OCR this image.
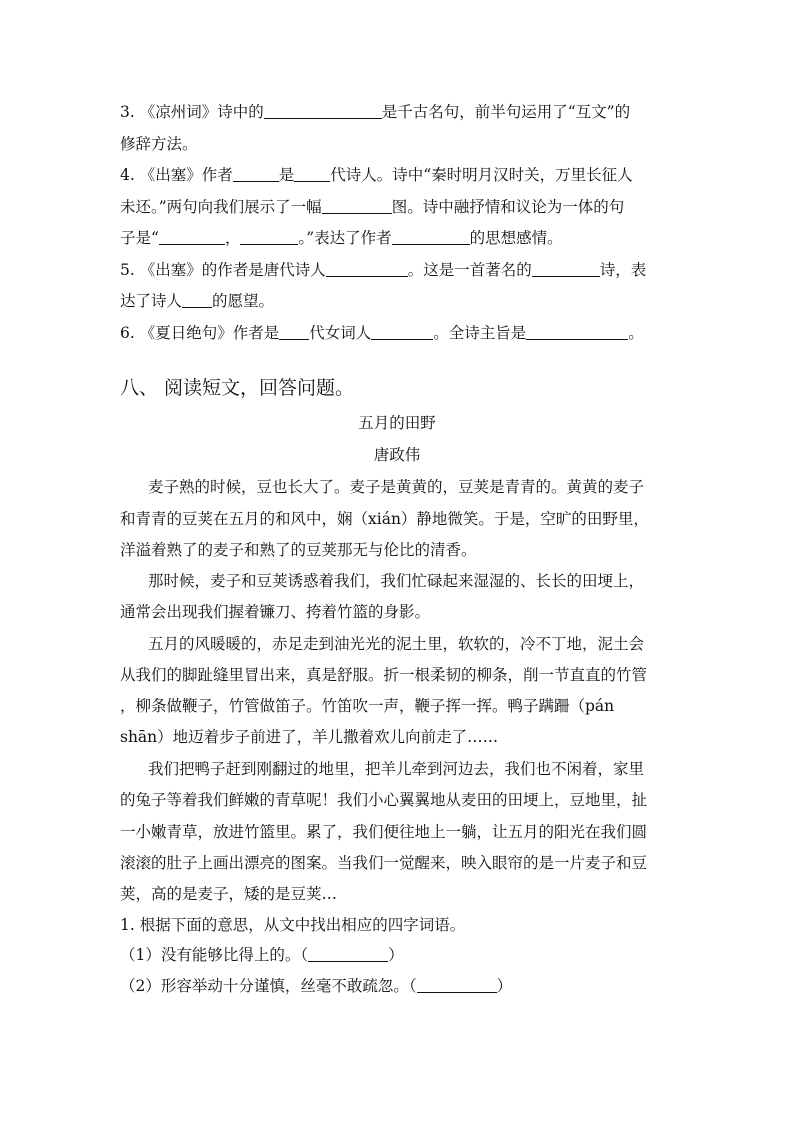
3. 《凉州词》诗中的	是千古名句，前半句运用了“互文”的
修辞方法。
4. 《出塞》作者	是 代诗人。诗中“秦时明月汉时关，万里长征人
未还。”两句向我们展示了一幅	图。诗中融抒情和议论为一体的句
子是“	，	。”表达了作者	的思想感情。
5. 《出塞》的作者是唐代诗人	。这是一首著名的	诗，表
达了诗人 的愿望。
6. 《夏日绝句》作者是 代女词人	。全诗主旨是	。
八、 阅读短文，回答问题。
五月的田野
唐政伟
麦子熟的时候，豆也长大了。麦子是黄黄的，豆荚是青青的。黄黄的麦子
和青青的豆荚在五月的和风中，娴（xián）静地微笑。于是，空旷的田野里，
洋溢着熟了的麦子和熟了的豆荚那无与伦比的清香。
那时候，麦子和豆荚诱惑着我们，我们忙碌起来湿湿的、长长的田埂上，
通常会出现我们握着镰刀、挎着竹篮的身影。
五月的风暖暖的，赤足走到油光光的泥土里，软软的，冷不丁地，泥土会
从我们的脚趾缝里冒出来，真是舒服。折一根柔韧的柳条，削一节直直的竹管
，柳条做鞭子，竹管做笛子。竹笛吹一声，鞭子挥一挥。鸭子蹒跚（pán
shān）地迈着步子前进了，羊儿撒着欢儿向前走了……
我们把鸭子赶到刚翻过的地里，把羊儿牵到河边去，我们也不闲着，家里
的兔子等着我们鲜嫩的青草呢！我们小心翼翼地从麦田的田埂上，豆地里，扯
一小嫩青草，放进竹篮里。累了，我们便往地上一躺，让五月的阳光在我们圆
滚滚的肚子上画出漂亮的图案。当我们一觉醒来，映入眼帘的是一片麦子和豆
荚，高的是麦子，矮的是豆荚…
1. 根据下面的意思，从文中找出相应的四字词语。
（1）没有能够比得上的。（	）
（2）形容举动十分谨慎，丝毫不敢疏忽。（	）
